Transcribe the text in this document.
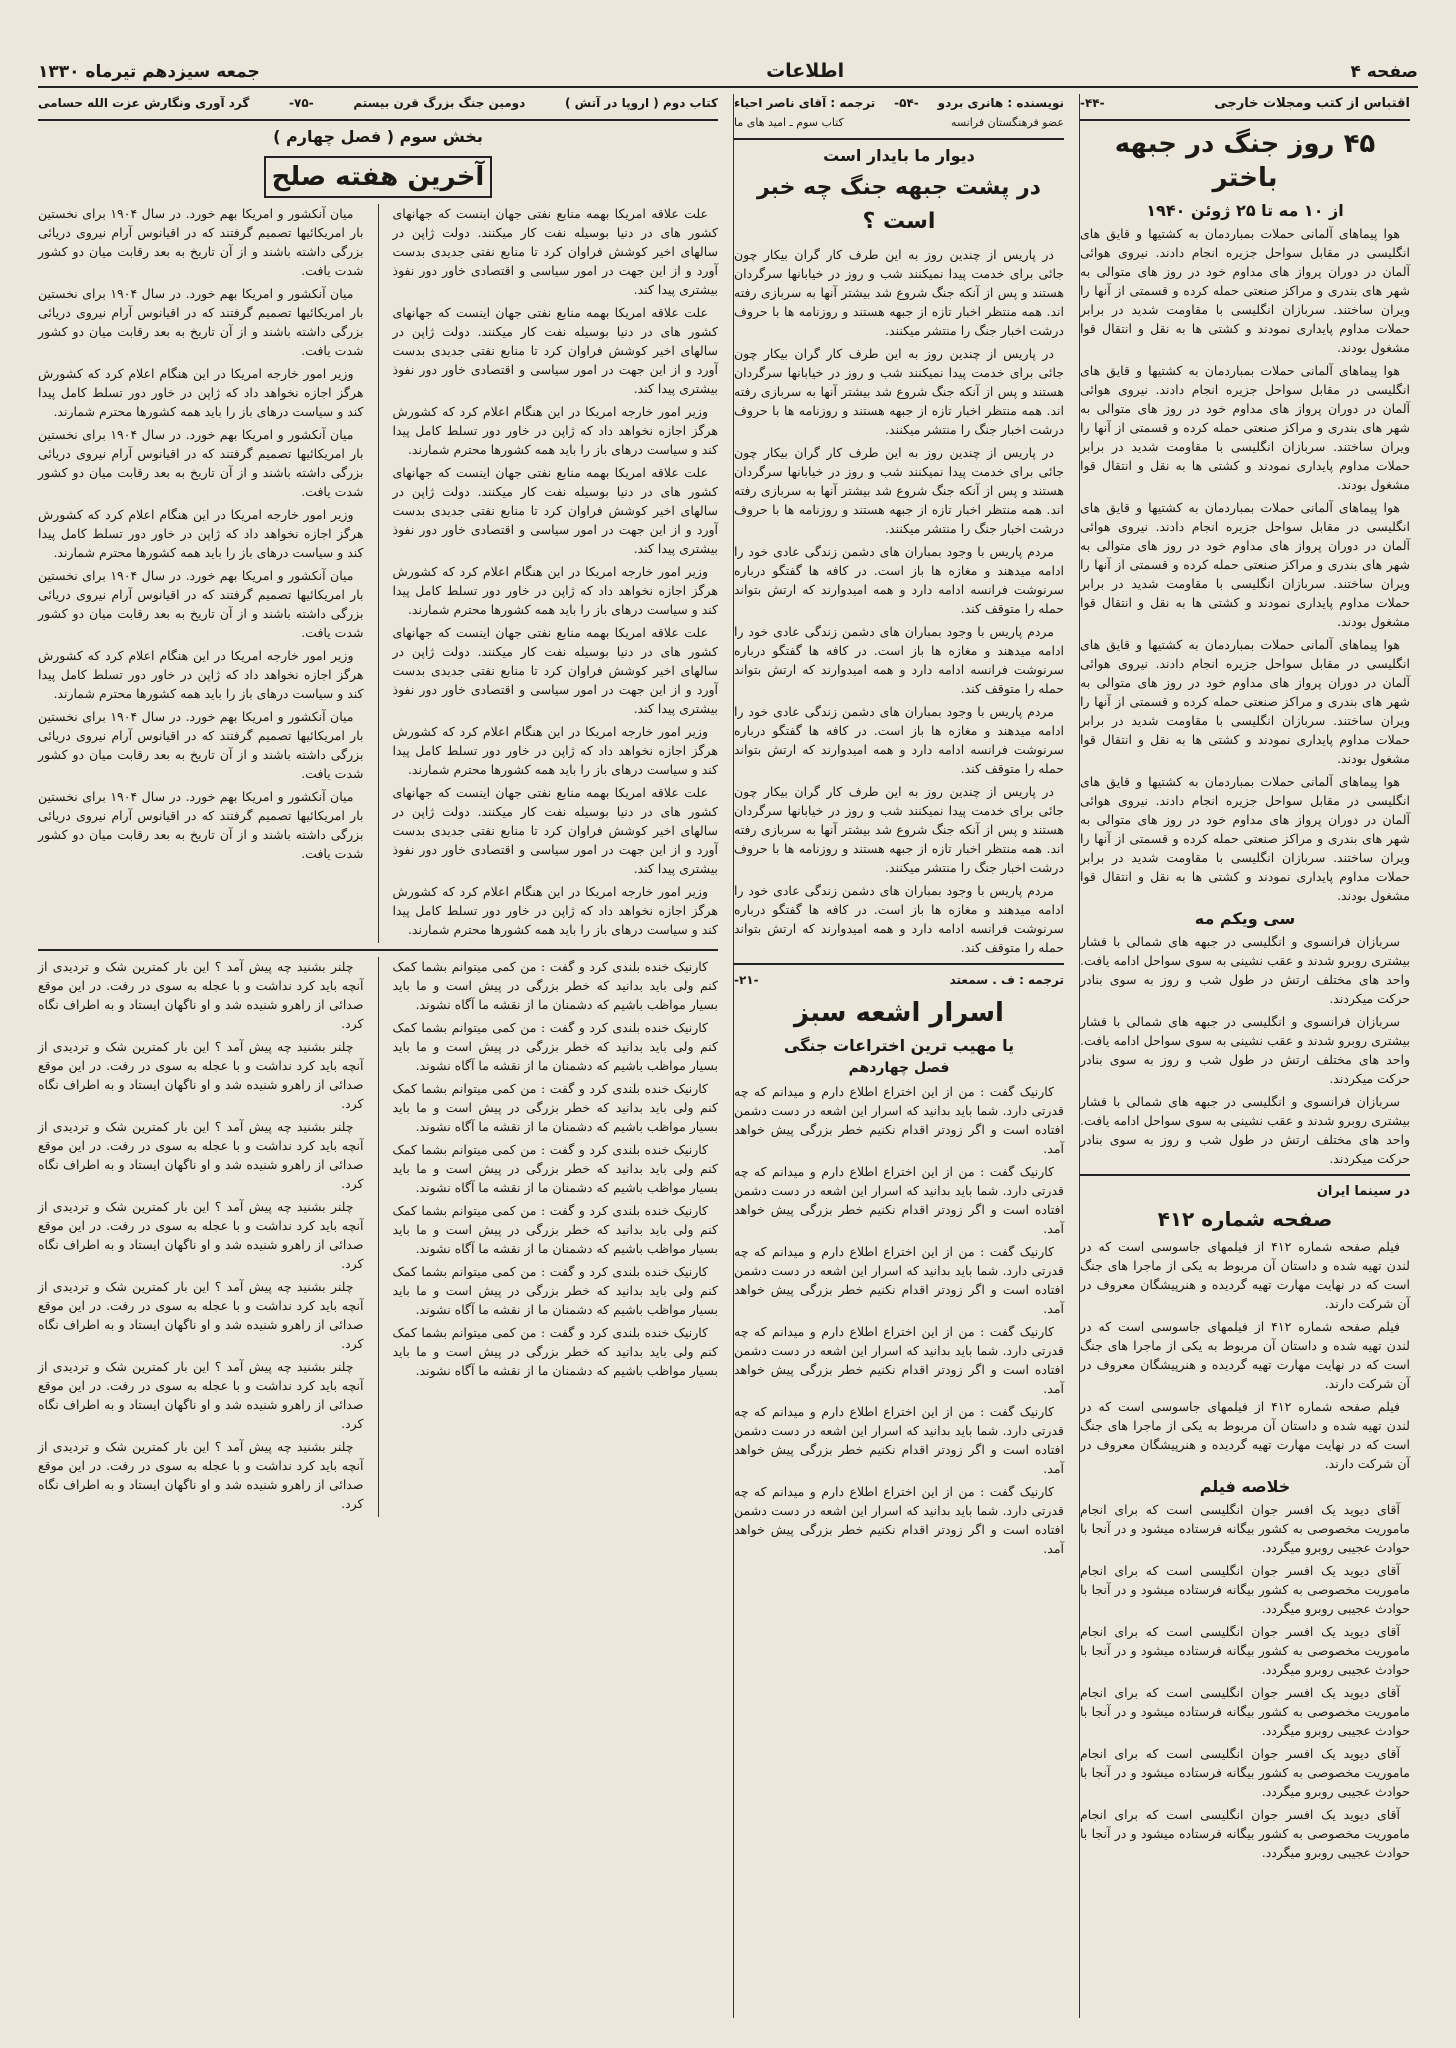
صفحه ۴
اطلاعات
جمعه سیزدهم تیرماه ۱۳۳۰
اقتباس از کتب ومجلات خارجی
-۴۴-
۴۵ روز جنگ در جبهه باختر
از ۱۰ مه تا ۲۵ ژوئن ۱۹۴۰

هوا پیماهای آلمانی حملات بمباردمان به کشتیها و قایق های انگلیسی در مقابل سواحل جزیره انجام دادند. نیروی هوائی آلمان در دوران پرواز های مداوم خود در روز های متوالی به شهر های بندری و مراکز صنعتی حمله کرده و قسمتی از آنها را ویران ساختند. سربازان انگلیسی با مقاومت شدید در برابر حملات مداوم پایداری نمودند و کشتی ها به نقل و انتقال قوا مشغول بودند.

هوا پیماهای آلمانی حملات بمباردمان به کشتیها و قایق های انگلیسی در مقابل سواحل جزیره انجام دادند. نیروی هوائی آلمان در دوران پرواز های مداوم خود در روز های متوالی به شهر های بندری و مراکز صنعتی حمله کرده و قسمتی از آنها را ویران ساختند. سربازان انگلیسی با مقاومت شدید در برابر حملات مداوم پایداری نمودند و کشتی ها به نقل و انتقال قوا مشغول بودند.

هوا پیماهای آلمانی حملات بمباردمان به کشتیها و قایق های انگلیسی در مقابل سواحل جزیره انجام دادند. نیروی هوائی آلمان در دوران پرواز های مداوم خود در روز های متوالی به شهر های بندری و مراکز صنعتی حمله کرده و قسمتی از آنها را ویران ساختند. سربازان انگلیسی با مقاومت شدید در برابر حملات مداوم پایداری نمودند و کشتی ها به نقل و انتقال قوا مشغول بودند.

هوا پیماهای آلمانی حملات بمباردمان به کشتیها و قایق های انگلیسی در مقابل سواحل جزیره انجام دادند. نیروی هوائی آلمان در دوران پرواز های مداوم خود در روز های متوالی به شهر های بندری و مراکز صنعتی حمله کرده و قسمتی از آنها را ویران ساختند. سربازان انگلیسی با مقاومت شدید در برابر حملات مداوم پایداری نمودند و کشتی ها به نقل و انتقال قوا مشغول بودند.

هوا پیماهای آلمانی حملات بمباردمان به کشتیها و قایق های انگلیسی در مقابل سواحل جزیره انجام دادند. نیروی هوائی آلمان در دوران پرواز های مداوم خود در روز های متوالی به شهر های بندری و مراکز صنعتی حمله کرده و قسمتی از آنها را ویران ساختند. سربازان انگلیسی با مقاومت شدید در برابر حملات مداوم پایداری نمودند و کشتی ها به نقل و انتقال قوا مشغول بودند.

سی ویکم مه

سربازان فرانسوی و انگلیسی در جبهه های شمالی با فشار بیشتری روبرو شدند و عقب نشینی به سوی سواحل ادامه یافت. واحد های مختلف ارتش در طول شب و روز به سوی بنادر حرکت میکردند.

سربازان فرانسوی و انگلیسی در جبهه های شمالی با فشار بیشتری روبرو شدند و عقب نشینی به سوی سواحل ادامه یافت. واحد های مختلف ارتش در طول شب و روز به سوی بنادر حرکت میکردند.

سربازان فرانسوی و انگلیسی در جبهه های شمالی با فشار بیشتری روبرو شدند و عقب نشینی به سوی سواحل ادامه یافت. واحد های مختلف ارتش در طول شب و روز به سوی بنادر حرکت میکردند.

در سینما ایران
صفحه شماره ۴۱۲

فیلم صفحه شماره ۴۱۲ از فیلمهای جاسوسی است که در لندن تهیه شده و داستان آن مربوط به یکی از ماجرا های جنگ است که در نهایت مهارت تهیه گردیده و هنرپیشگان معروف در آن شرکت دارند.

فیلم صفحه شماره ۴۱۲ از فیلمهای جاسوسی است که در لندن تهیه شده و داستان آن مربوط به یکی از ماجرا های جنگ است که در نهایت مهارت تهیه گردیده و هنرپیشگان معروف در آن شرکت دارند.

فیلم صفحه شماره ۴۱۲ از فیلمهای جاسوسی است که در لندن تهیه شده و داستان آن مربوط به یکی از ماجرا های جنگ است که در نهایت مهارت تهیه گردیده و هنرپیشگان معروف در آن شرکت دارند.

خلاصه فیلم

آقای دیوید یک افسر جوان انگلیسی است که برای انجام ماموریت مخصوصی به کشور بیگانه فرستاده میشود و در آنجا با حوادث عجیبی روبرو میگردد.

آقای دیوید یک افسر جوان انگلیسی است که برای انجام ماموریت مخصوصی به کشور بیگانه فرستاده میشود و در آنجا با حوادث عجیبی روبرو میگردد.

آقای دیوید یک افسر جوان انگلیسی است که برای انجام ماموریت مخصوصی به کشور بیگانه فرستاده میشود و در آنجا با حوادث عجیبی روبرو میگردد.

آقای دیوید یک افسر جوان انگلیسی است که برای انجام ماموریت مخصوصی به کشور بیگانه فرستاده میشود و در آنجا با حوادث عجیبی روبرو میگردد.

آقای دیوید یک افسر جوان انگلیسی است که برای انجام ماموریت مخصوصی به کشور بیگانه فرستاده میشود و در آنجا با حوادث عجیبی روبرو میگردد.

آقای دیوید یک افسر جوان انگلیسی است که برای انجام ماموریت مخصوصی به کشور بیگانه فرستاده میشود و در آنجا با حوادث عجیبی روبرو میگردد.

نویسنده : هانری بردو
-۵۴-
ترجمه : آقای ناصر احیاء
عضو فرهنگستان فرانسه
کتاب سوم ـ امید های ما
دیوار ما بایدار است
در پشت جبهه جنگ چه خبر است ؟

در پاریس از چندین روز به این طرف کار گران بیکار چون جائی برای خدمت پیدا نمیکنند شب و روز در خیابانها سرگردان هستند و پس از آنکه جنگ شروع شد بیشتر آنها به سربازی رفته اند. همه منتظر اخبار تازه از جبهه هستند و روزنامه ها با حروف درشت اخبار جنگ را منتشر میکنند.

در پاریس از چندین روز به این طرف کار گران بیکار چون جائی برای خدمت پیدا نمیکنند شب و روز در خیابانها سرگردان هستند و پس از آنکه جنگ شروع شد بیشتر آنها به سربازی رفته اند. همه منتظر اخبار تازه از جبهه هستند و روزنامه ها با حروف درشت اخبار جنگ را منتشر میکنند.

در پاریس از چندین روز به این طرف کار گران بیکار چون جائی برای خدمت پیدا نمیکنند شب و روز در خیابانها سرگردان هستند و پس از آنکه جنگ شروع شد بیشتر آنها به سربازی رفته اند. همه منتظر اخبار تازه از جبهه هستند و روزنامه ها با حروف درشت اخبار جنگ را منتشر میکنند.

مردم پاریس با وجود بمباران های دشمن زندگی عادی خود را ادامه میدهند و مغازه ها باز است. در کافه ها گفتگو درباره سرنوشت فرانسه ادامه دارد و همه امیدوارند که ارتش بتواند حمله را متوقف کند.

مردم پاریس با وجود بمباران های دشمن زندگی عادی خود را ادامه میدهند و مغازه ها باز است. در کافه ها گفتگو درباره سرنوشت فرانسه ادامه دارد و همه امیدوارند که ارتش بتواند حمله را متوقف کند.

مردم پاریس با وجود بمباران های دشمن زندگی عادی خود را ادامه میدهند و مغازه ها باز است. در کافه ها گفتگو درباره سرنوشت فرانسه ادامه دارد و همه امیدوارند که ارتش بتواند حمله را متوقف کند.

در پاریس از چندین روز به این طرف کار گران بیکار چون جائی برای خدمت پیدا نمیکنند شب و روز در خیابانها سرگردان هستند و پس از آنکه جنگ شروع شد بیشتر آنها به سربازی رفته اند. همه منتظر اخبار تازه از جبهه هستند و روزنامه ها با حروف درشت اخبار جنگ را منتشر میکنند.

مردم پاریس با وجود بمباران های دشمن زندگی عادی خود را ادامه میدهند و مغازه ها باز است. در کافه ها گفتگو درباره سرنوشت فرانسه ادامه دارد و همه امیدوارند که ارتش بتواند حمله را متوقف کند.

ترجمه : ف . سمعتد
-۲۱-
اسرار اشعه سبز
یا مهیب ترین اختراعات جنگی
فصل چهاردهم

کارنیک گفت : من از این اختراع اطلاع دارم و میدانم که چه قدرتی دارد. شما باید بدانید که اسرار این اشعه در دست دشمن افتاده است و اگر زودتر اقدام نکنیم خطر بزرگی پیش خواهد آمد.

کارنیک گفت : من از این اختراع اطلاع دارم و میدانم که چه قدرتی دارد. شما باید بدانید که اسرار این اشعه در دست دشمن افتاده است و اگر زودتر اقدام نکنیم خطر بزرگی پیش خواهد آمد.

کارنیک گفت : من از این اختراع اطلاع دارم و میدانم که چه قدرتی دارد. شما باید بدانید که اسرار این اشعه در دست دشمن افتاده است و اگر زودتر اقدام نکنیم خطر بزرگی پیش خواهد آمد.

کارنیک گفت : من از این اختراع اطلاع دارم و میدانم که چه قدرتی دارد. شما باید بدانید که اسرار این اشعه در دست دشمن افتاده است و اگر زودتر اقدام نکنیم خطر بزرگی پیش خواهد آمد.

کارنیک گفت : من از این اختراع اطلاع دارم و میدانم که چه قدرتی دارد. شما باید بدانید که اسرار این اشعه در دست دشمن افتاده است و اگر زودتر اقدام نکنیم خطر بزرگی پیش خواهد آمد.

کارنیک گفت : من از این اختراع اطلاع دارم و میدانم که چه قدرتی دارد. شما باید بدانید که اسرار این اشعه در دست دشمن افتاده است و اگر زودتر اقدام نکنیم خطر بزرگی پیش خواهد آمد.

کتاب دوم ( اروپا در آتش )
دومین جنگ بزرگ قرن بیستم
-۷۵-
گرد آوری ونگارش عزت الله حسامی
بخش سوم ( فصل چهارم )
آخرین هفته صلح

علت علاقه امریکا بهمه منابع نفتی جهان اینست که جهانهای کشور های در دنیا بوسیله نفت کار میکنند. دولت ژاپن در سالهای اخیر کوشش فراوان کرد تا منابع نفتی جدیدی بدست آورد و از این جهت در امور سیاسی و اقتصادی خاور دور نفوذ بیشتری پیدا کند.

علت علاقه امریکا بهمه منابع نفتی جهان اینست که جهانهای کشور های در دنیا بوسیله نفت کار میکنند. دولت ژاپن در سالهای اخیر کوشش فراوان کرد تا منابع نفتی جدیدی بدست آورد و از این جهت در امور سیاسی و اقتصادی خاور دور نفوذ بیشتری پیدا کند.

وزیر امور خارجه امریکا در این هنگام اعلام کرد که کشورش هرگز اجازه نخواهد داد که ژاپن در خاور دور تسلط کامل پیدا کند و سیاست درهای باز را باید همه کشورها محترم شمارند.

علت علاقه امریکا بهمه منابع نفتی جهان اینست که جهانهای کشور های در دنیا بوسیله نفت کار میکنند. دولت ژاپن در سالهای اخیر کوشش فراوان کرد تا منابع نفتی جدیدی بدست آورد و از این جهت در امور سیاسی و اقتصادی خاور دور نفوذ بیشتری پیدا کند.

وزیر امور خارجه امریکا در این هنگام اعلام کرد که کشورش هرگز اجازه نخواهد داد که ژاپن در خاور دور تسلط کامل پیدا کند و سیاست درهای باز را باید همه کشورها محترم شمارند.

علت علاقه امریکا بهمه منابع نفتی جهان اینست که جهانهای کشور های در دنیا بوسیله نفت کار میکنند. دولت ژاپن در سالهای اخیر کوشش فراوان کرد تا منابع نفتی جدیدی بدست آورد و از این جهت در امور سیاسی و اقتصادی خاور دور نفوذ بیشتری پیدا کند.

وزیر امور خارجه امریکا در این هنگام اعلام کرد که کشورش هرگز اجازه نخواهد داد که ژاپن در خاور دور تسلط کامل پیدا کند و سیاست درهای باز را باید همه کشورها محترم شمارند.

علت علاقه امریکا بهمه منابع نفتی جهان اینست که جهانهای کشور های در دنیا بوسیله نفت کار میکنند. دولت ژاپن در سالهای اخیر کوشش فراوان کرد تا منابع نفتی جدیدی بدست آورد و از این جهت در امور سیاسی و اقتصادی خاور دور نفوذ بیشتری پیدا کند.

وزیر امور خارجه امریکا در این هنگام اعلام کرد که کشورش هرگز اجازه نخواهد داد که ژاپن در خاور دور تسلط کامل پیدا کند و سیاست درهای باز را باید همه کشورها محترم شمارند.

میان آنکشور و امریکا بهم خورد. در سال ۱۹۰۴ برای نخستین بار امریکائیها تصمیم گرفتند که در اقیانوس آرام نیروی دریائی بزرگی داشته باشند و از آن تاریخ به بعد رقابت میان دو کشور شدت یافت.

میان آنکشور و امریکا بهم خورد. در سال ۱۹۰۴ برای نخستین بار امریکائیها تصمیم گرفتند که در اقیانوس آرام نیروی دریائی بزرگی داشته باشند و از آن تاریخ به بعد رقابت میان دو کشور شدت یافت.

وزیر امور خارجه امریکا در این هنگام اعلام کرد که کشورش هرگز اجازه نخواهد داد که ژاپن در خاور دور تسلط کامل پیدا کند و سیاست درهای باز را باید همه کشورها محترم شمارند.

میان آنکشور و امریکا بهم خورد. در سال ۱۹۰۴ برای نخستین بار امریکائیها تصمیم گرفتند که در اقیانوس آرام نیروی دریائی بزرگی داشته باشند و از آن تاریخ به بعد رقابت میان دو کشور شدت یافت.

وزیر امور خارجه امریکا در این هنگام اعلام کرد که کشورش هرگز اجازه نخواهد داد که ژاپن در خاور دور تسلط کامل پیدا کند و سیاست درهای باز را باید همه کشورها محترم شمارند.

میان آنکشور و امریکا بهم خورد. در سال ۱۹۰۴ برای نخستین بار امریکائیها تصمیم گرفتند که در اقیانوس آرام نیروی دریائی بزرگی داشته باشند و از آن تاریخ به بعد رقابت میان دو کشور شدت یافت.

وزیر امور خارجه امریکا در این هنگام اعلام کرد که کشورش هرگز اجازه نخواهد داد که ژاپن در خاور دور تسلط کامل پیدا کند و سیاست درهای باز را باید همه کشورها محترم شمارند.

میان آنکشور و امریکا بهم خورد. در سال ۱۹۰۴ برای نخستین بار امریکائیها تصمیم گرفتند که در اقیانوس آرام نیروی دریائی بزرگی داشته باشند و از آن تاریخ به بعد رقابت میان دو کشور شدت یافت.

میان آنکشور و امریکا بهم خورد. در سال ۱۹۰۴ برای نخستین بار امریکائیها تصمیم گرفتند که در اقیانوس آرام نیروی دریائی بزرگی داشته باشند و از آن تاریخ به بعد رقابت میان دو کشور شدت یافت.

کارنیک خنده بلندی کرد و گفت : من کمی میتوانم بشما کمک کنم ولی باید بدانید که خطر بزرگی در پیش است و ما باید بسیار مواظب باشیم که دشمنان ما از نقشه ما آگاه نشوند.

کارنیک خنده بلندی کرد و گفت : من کمی میتوانم بشما کمک کنم ولی باید بدانید که خطر بزرگی در پیش است و ما باید بسیار مواظب باشیم که دشمنان ما از نقشه ما آگاه نشوند.

کارنیک خنده بلندی کرد و گفت : من کمی میتوانم بشما کمک کنم ولی باید بدانید که خطر بزرگی در پیش است و ما باید بسیار مواظب باشیم که دشمنان ما از نقشه ما آگاه نشوند.

کارنیک خنده بلندی کرد و گفت : من کمی میتوانم بشما کمک کنم ولی باید بدانید که خطر بزرگی در پیش است و ما باید بسیار مواظب باشیم که دشمنان ما از نقشه ما آگاه نشوند.

کارنیک خنده بلندی کرد و گفت : من کمی میتوانم بشما کمک کنم ولی باید بدانید که خطر بزرگی در پیش است و ما باید بسیار مواظب باشیم که دشمنان ما از نقشه ما آگاه نشوند.

کارنیک خنده بلندی کرد و گفت : من کمی میتوانم بشما کمک کنم ولی باید بدانید که خطر بزرگی در پیش است و ما باید بسیار مواظب باشیم که دشمنان ما از نقشه ما آگاه نشوند.

کارنیک خنده بلندی کرد و گفت : من کمی میتوانم بشما کمک کنم ولی باید بدانید که خطر بزرگی در پیش است و ما باید بسیار مواظب باشیم که دشمنان ما از نقشه ما آگاه نشوند.

چلنر بشنید چه پیش آمد ؟ این بار کمترین شک و تردیدی از آنچه باید کرد نداشت و با عجله به سوی در رفت. در این موقع صدائی از راهرو شنیده شد و او ناگهان ایستاد و به اطراف نگاه کرد.

چلنر بشنید چه پیش آمد ؟ این بار کمترین شک و تردیدی از آنچه باید کرد نداشت و با عجله به سوی در رفت. در این موقع صدائی از راهرو شنیده شد و او ناگهان ایستاد و به اطراف نگاه کرد.

چلنر بشنید چه پیش آمد ؟ این بار کمترین شک و تردیدی از آنچه باید کرد نداشت و با عجله به سوی در رفت. در این موقع صدائی از راهرو شنیده شد و او ناگهان ایستاد و به اطراف نگاه کرد.

چلنر بشنید چه پیش آمد ؟ این بار کمترین شک و تردیدی از آنچه باید کرد نداشت و با عجله به سوی در رفت. در این موقع صدائی از راهرو شنیده شد و او ناگهان ایستاد و به اطراف نگاه کرد.

چلنر بشنید چه پیش آمد ؟ این بار کمترین شک و تردیدی از آنچه باید کرد نداشت و با عجله به سوی در رفت. در این موقع صدائی از راهرو شنیده شد و او ناگهان ایستاد و به اطراف نگاه کرد.

چلنر بشنید چه پیش آمد ؟ این بار کمترین شک و تردیدی از آنچه باید کرد نداشت و با عجله به سوی در رفت. در این موقع صدائی از راهرو شنیده شد و او ناگهان ایستاد و به اطراف نگاه کرد.

چلنر بشنید چه پیش آمد ؟ این بار کمترین شک و تردیدی از آنچه باید کرد نداشت و با عجله به سوی در رفت. در این موقع صدائی از راهرو شنیده شد و او ناگهان ایستاد و به اطراف نگاه کرد.
